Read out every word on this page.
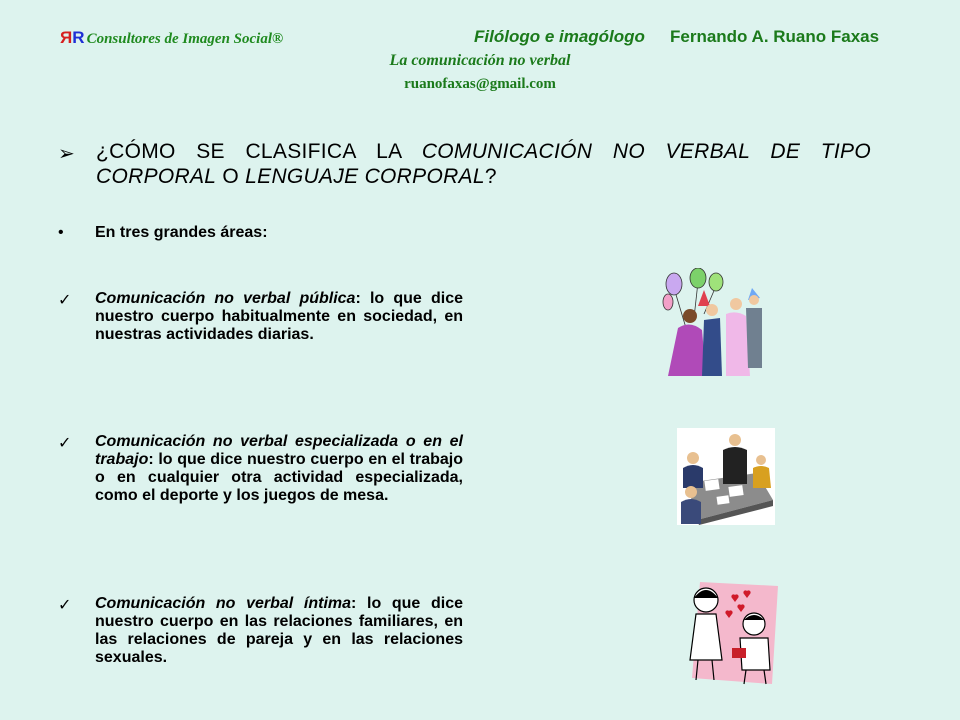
RR Consultores de Imagen Social®	Filólogo e imagólogo Fernando A. Ruano Faxas
La comunicación no verbal
ruanofaxas@gmail.com
➢ ¿CÓMO SE CLASIFICA LA COMUNICACIÓN NO VERBAL DE TIPO CORPORAL O LENGUAJE CORPORAL?
• En tres grandes áreas:
✓ Comunicación no verbal pública: lo que dice nuestro cuerpo habitualmente en sociedad, en nuestras actividades diarias.
✓ Comunicación no verbal especializada o en el trabajo: lo que dice nuestro cuerpo en el trabajo o en cualquier otra actividad especializada, como el deporte y los juegos de mesa.
✓ Comunicación no verbal íntima: lo que dice nuestro cuerpo en las relaciones familiares, en las relaciones de pareja y en las relaciones sexuales.
